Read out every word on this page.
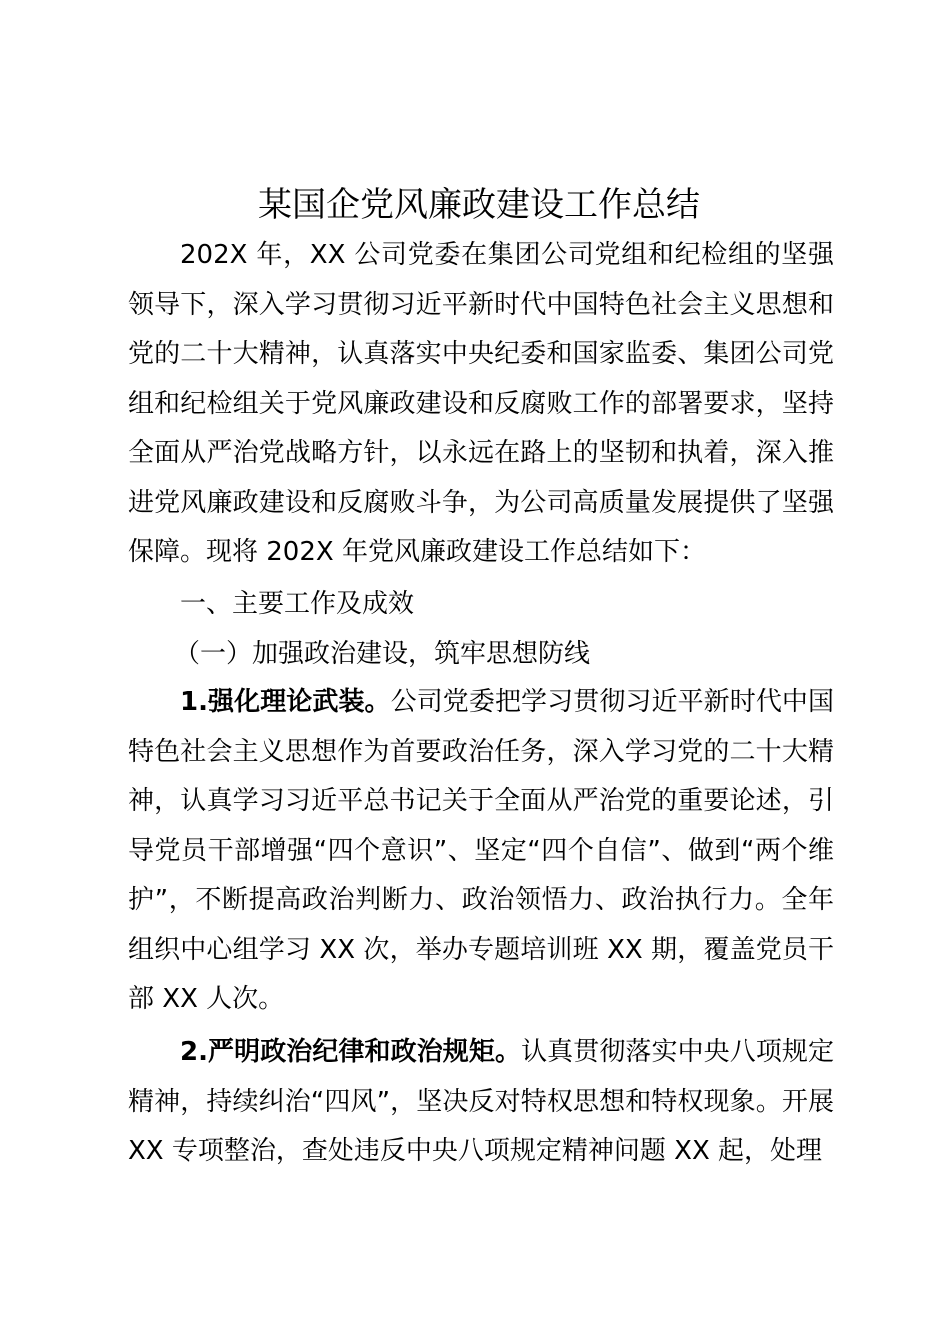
某国企党风廉政建设工作总结

202X 年，XX 公司党委在集团公司党组和纪检组的坚强领导下，深入学习贯彻习近平新时代中国特色社会主义思想和党的二十大精神，认真落实中央纪委和国家监委、集团公司党组和纪检组关于党风廉政建设和反腐败工作的部署要求，坚持全面从严治党战略方针，以永远在路上的坚韧和执着，深入推进党风廉政建设和反腐败斗争，为公司高质量发展提供了坚强保障。现将 202X 年党风廉政建设工作总结如下：

一、主要工作及成效

（一）加强政治建设，筑牢思想防线

1.强化理论武装。公司党委把学习贯彻习近平新时代中国特色社会主义思想作为首要政治任务，深入学习党的二十大精神，认真学习习近平总书记关于全面从严治党的重要论述，引导党员干部增强“四个意识”、坚定“四个自信”、做到“两个维护”，不断提高政治判断力、政治领悟力、政治执行力。全年组织中心组学习 XX 次，举办专题培训班 XX 期，覆盖党员干部 XX 人次。

2.严明政治纪律和政治规矩。认真贯彻落实中央八项规定精神，持续纠治“四风”，坚决反对特权思想和特权现象。开展 XX 专项整治，查处违反中央八项规定精神问题 XX 起，处理
